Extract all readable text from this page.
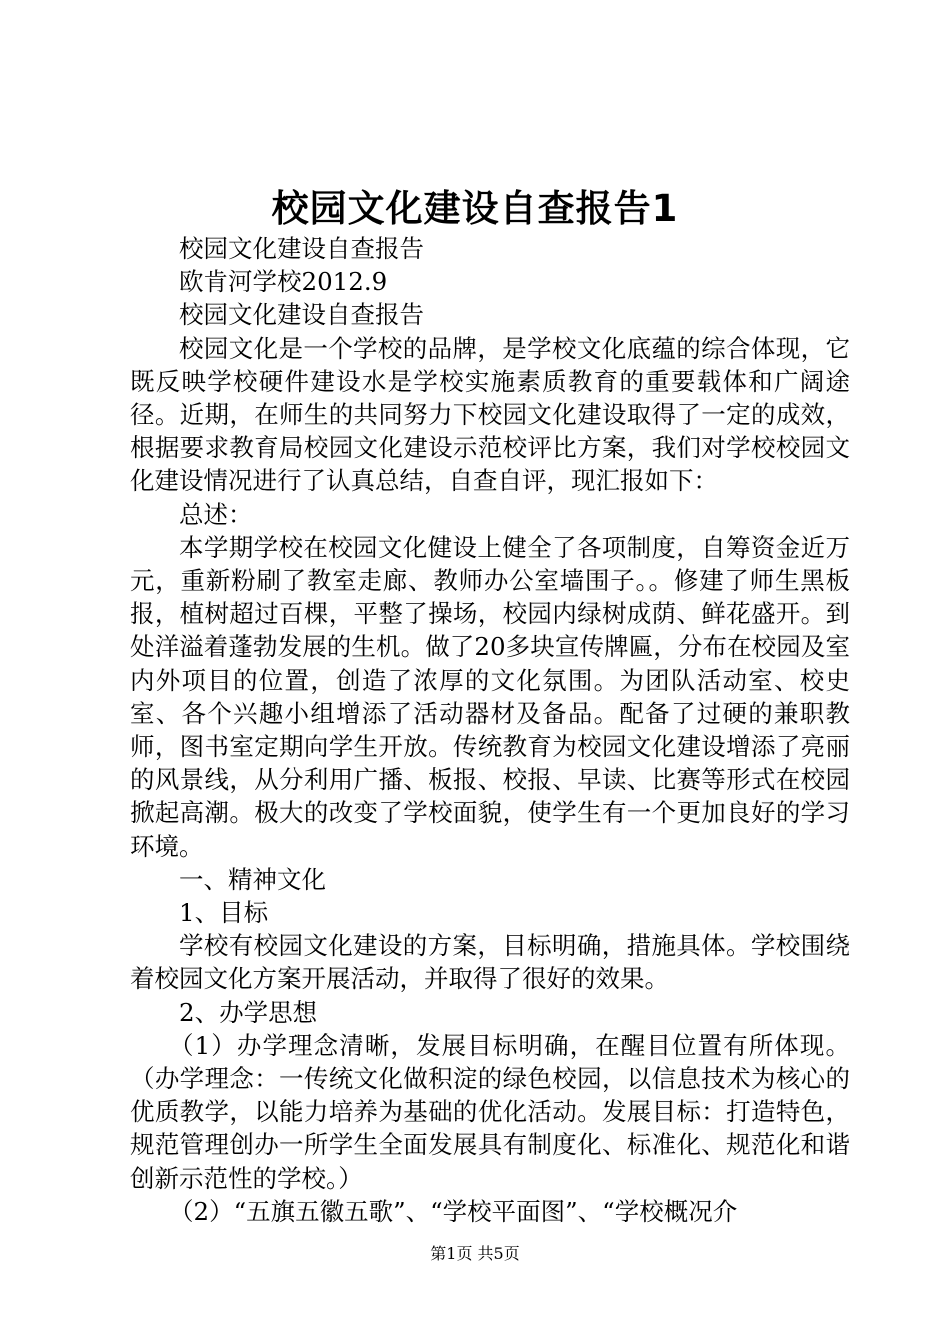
校园文化建设自查报告1

校园文化建设自查报告

欧肯河学校2012.9

校园文化建设自查报告

校园文化是一个学校的品牌，是学校文化底蕴的综合体现，它既反映学校硬件建设水是学校实施素质教育的重要载体和广阔途径。近期，在师生的共同努力下校园文化建设取得了一定的成效，根据要求教育局校园文化建设示范校评比方案，我们对学校校园文化建设情况进行了认真总结，自查自评，现汇报如下：

总述：

本学期学校在校园文化健设上健全了各项制度，自筹资金近万元，重新粉刷了教室走廊、教师办公室墙围子。。修建了师生黑板报，植树超过百棵，平整了操场，校园内绿树成荫、鲜花盛开。到处洋溢着蓬勃发展的生机。做了20多块宣传牌匾，分布在校园及室内外项目的位置，创造了浓厚的文化氛围。为团队活动室、校史室、各个兴趣小组增添了活动器材及备品。配备了过硬的兼职教师，图书室定期向学生开放。传统教育为校园文化建设增添了亮丽的风景线，从分利用广播、板报、校报、早读、比赛等形式在校园掀起高潮。极大的改变了学校面貌，使学生有一个更加良好的学习环境。

一、精神文化

1、目标

学校有校园文化建设的方案，目标明确，措施具体。学校围绕着校园文化方案开展活动，并取得了很好的效果。

2、办学思想

（1）办学理念清晰，发展目标明确，在醒目位置有所体现。（办学理念：一传统文化做积淀的绿色校园，以信息技术为核心的优质教学，以能力培养为基础的优化活动。发展目标：打造特色，规范管理创办一所学生全面发展具有制度化、标准化、规范化和谐创新示范性的学校。）

（2）“五旗五徽五歌”、“学校平面图”、“学校概况介

第1页 共5页
